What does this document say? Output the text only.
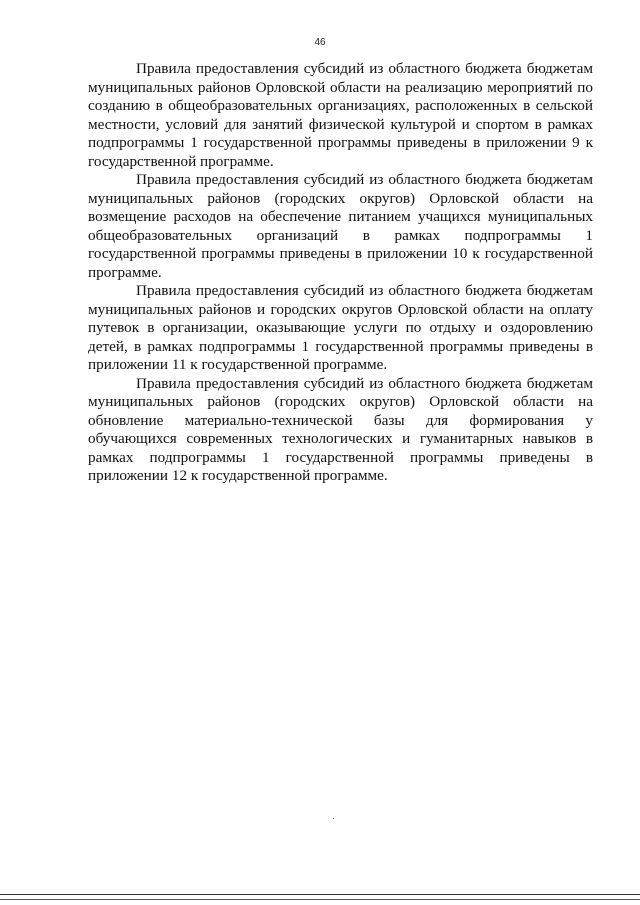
46

Правила предоставления субсидий из областного бюджета бюджетам муниципальных районов Орловской области на реализацию мероприятий по созданию в общеобразовательных организациях, расположенных в сельской местности, условий для занятий физической культурой и спортом в рамках подпрограммы 1 государственной программы приведены в приложении 9 к государственной программе.

Правила предоставления субсидий из областного бюджета бюджетам муниципальных районов (городских округов) Орловской области на возмещение расходов на обеспечение питанием учащихся муниципальных общеобразовательных организаций в рамках подпрограммы 1 государственной программы приведены в приложении 10 к государственной программе.

Правила предоставления субсидий из областного бюджета бюджетам муниципальных районов и городских округов Орловской области на оплату путевок в организации, оказывающие услуги по отдыху и оздоровлению детей, в рамках подпрограммы 1 государственной программы приведены в приложении 11 к государственной программе.

Правила предоставления субсидий из областного бюджета бюджетам муниципальных районов (городских округов) Орловской области на обновление материально-технической базы для формирования у обучающихся современных технологических и гуманитарных навыков в рамках подпрограммы 1 государственной программы приведены в приложении 12 к государственной программе.
